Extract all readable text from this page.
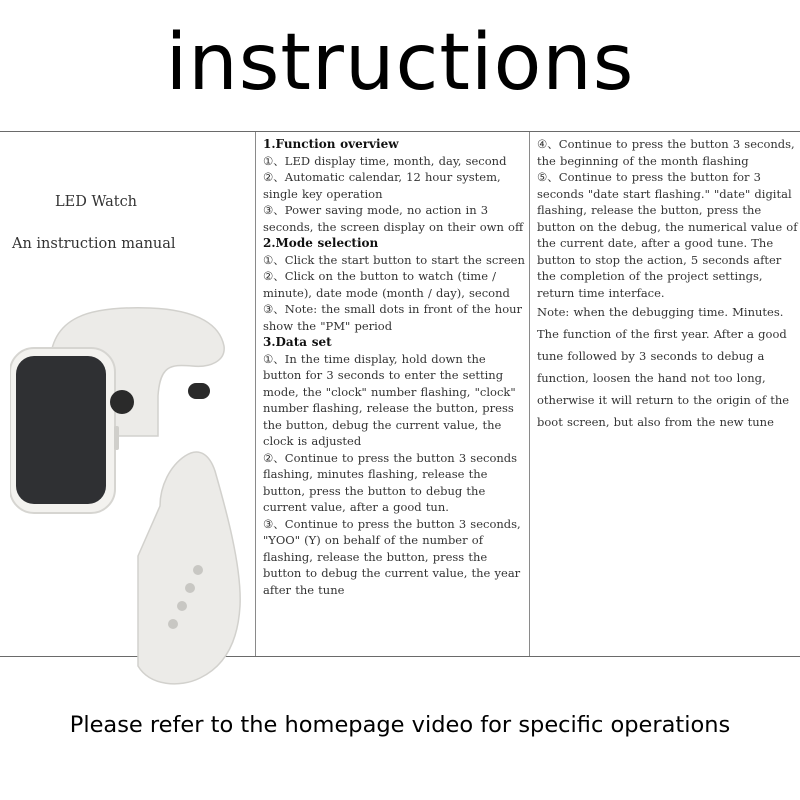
instructions
LED Watch
An instruction manual

1.Function overview

①、LED display time, month, day, second

②、Automatic calendar, 12 hour system, single key operation

③、Power saving mode, no action in 3 seconds, the screen display on their own off

2.Mode selection

①、Click the start button to start the screen

②、Click on the button to watch (time / minute), date mode (month / day), second ③、Note: the small dots in front of the hour show the "PM" period

3.Data set

①、In the time display, hold down the button for 3 seconds to enter the setting mode, the "clock" number flashing, "clock" number flashing, release the button, press the button, debug the current value, the clock is adjusted

②、Continue to press the button 3 seconds flashing, minutes flashing, release the button, press the button to debug the current value, after a good tun.

③、Continue to press the button 3 seconds, "YOO" (Y) on behalf of the number of flashing, release the button, press the button to debug the current value, the year after the tune

④、Continue to press the button 3 seconds, the beginning of the month flashing

⑤、Continue to press the button for 3 seconds "date start flashing." "date" digital flashing, release the button, press the button on the debug, the numerical value of the current date, after a good tune. The button to stop the action, 5 seconds after the completion of the project settings, return time interface.

Note: when the debugging time. Minutes. The function of the first year. After a good tune followed by 3 seconds to debug a function, loosen the hand not too long, otherwise it will return to the origin of the boot screen, but also from the new tune

Please refer to the homepage video for specific operations
